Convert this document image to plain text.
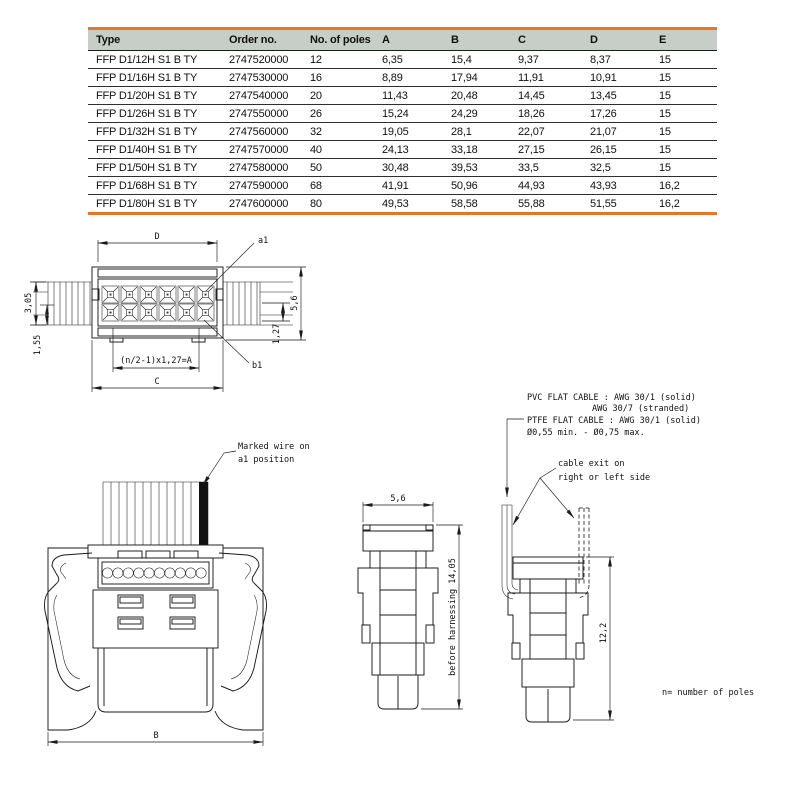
Type	Order no.	No. of poles	A	B	C	D	E
FFP D1/12H S1 B TY	2747520000	12	6,35	15,4	9,37	8,37	15
FFP D1/16H S1 B TY	2747530000	16	8,89	17,94	11,91	10,91	15
FFP D1/20H S1 B TY	2747540000	20	11,43	20,48	14,45	13,45	15
FFP D1/26H S1 B TY	2747550000	26	15,24	24,29	18,26	17,26	15
FFP D1/32H S1 B TY	2747560000	32	19,05	28,1	22,07	21,07	15
FFP D1/40H S1 B TY	2747570000	40	24,13	33,18	27,15	26,15	15
FFP D1/50H S1 B TY	2747580000	50	30,48	39,53	33,5	32,5	15
FFP D1/68H S1 B TY	2747590000	68	41,91	50,96	44,93	43,93	16,2
FFP D1/80H S1 B TY	2747600000	80	49,53	58,58	55,88	51,55	16,2
D
C
(n/2-1)x1,27=A
3,05
1,55
5,6
1,27
a1
b1
B
Marked wire on
a1 position
5,6
before harnessing 14,05
PVC FLAT CABLE : AWG 30/1 (solid)
AWG 30/7 (stranded)
PTFE FLAT CABLE : AWG 30/1 (solid)
Ø0,55 min. - Ø0,75 max.
cable exit on
right or left side
12,2
n= number of poles
